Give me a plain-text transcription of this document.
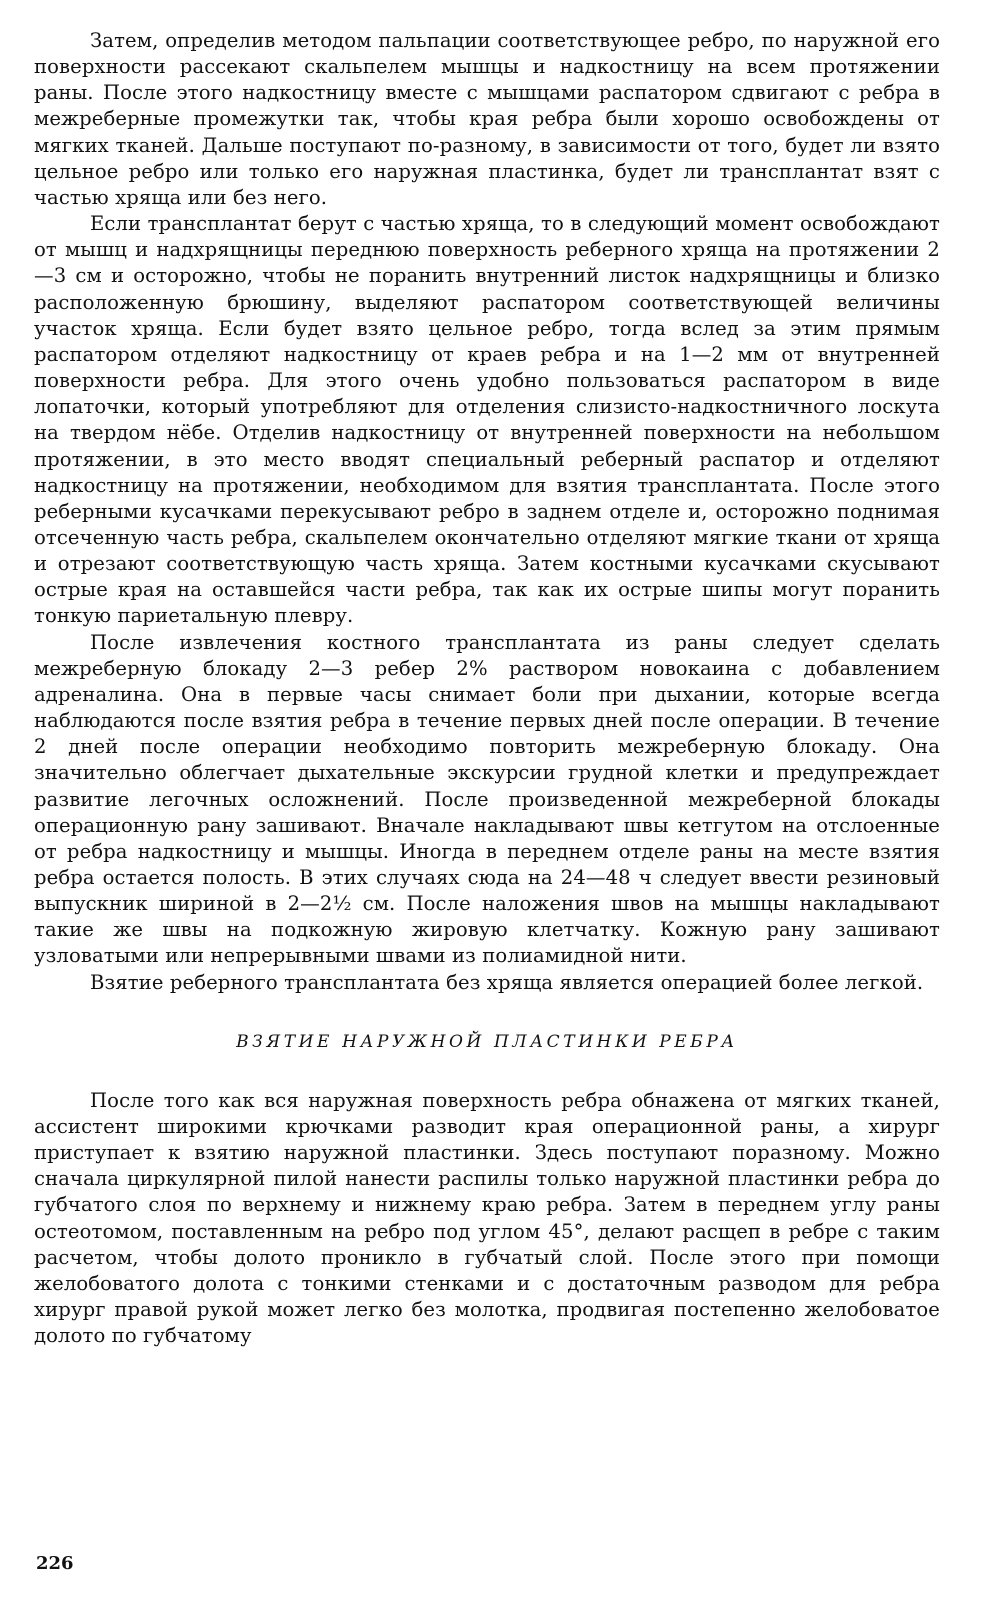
Затем, определив методом пальпации соответствующее ребро, по наружной его поверхности рассекают скальпелем мышцы и надкостницу на всем протяжении раны. После этого надкостницу вместе с мышцами распатором сдвигают с ребра в межреберные промежутки так, чтобы края ребра были хорошо освобождены от мягких тканей. Дальше поступают по-разному, в зависимости от того, будет ли взято цельное ребро или только его наружная пластинка, будет ли трансплантат взят с частью хряща или без него.

Если трансплантат берут с частью хряща, то в следующий момент освобождают от мышц и надхрящницы переднюю поверхность реберного хряща на протяжении 2—3 см и осторожно, чтобы не поранить внутренний листок надхрящницы и близко расположенную брюшину, выделяют распатором соответствующей величины участок хряща. Если будет взято цельное ребро, тогда вслед за этим прямым распатором отделяют надкостницу от краев ребра и на 1—2 мм от внутренней поверхности ребра. Для этого очень удобно пользоваться распатором в виде лопаточки, который употребляют для отделения слизисто-надкостничного лоскута на твердом нёбе. Отделив надкостницу от внутренней поверхности на небольшом протяжении, в это место вводят специальный реберный распатор и отделяют надкостницу на протяжении, необходимом для взятия трансплантата. После этого реберными кусачками перекусывают ребро в заднем отделе и, осторожно поднимая отсеченную часть ребра, скальпелем окончательно отделяют мягкие ткани от хряща и отрезают соответствующую часть хряща. Затем костными кусачками скусывают острые края на оставшейся части ребра, так как их острые шипы могут поранить тонкую париетальную плевру.

После извлечения костного трансплантата из раны следует сделать межреберную блокаду 2—3 ребер 2% раствором новокаина с добавлением адреналина. Она в первые часы снимает боли при дыхании, которые всегда наблюдаются после взятия ребра в течение первых дней после операции. В течение 2 дней после операции необходимо повторить межреберную блокаду. Она значительно облегчает дыхательные экскурсии грудной клетки и предупреждает развитие легочных осложнений. После произведенной межреберной блокады операционную рану зашивают. Вначале накладывают швы кетгутом на отслоенные от ребра надкостницу и мышцы. Иногда в переднем отделе раны на месте взятия ребра остается полость. В этих случаях сюда на 24—48 ч следует ввести резиновый выпускник шириной в 2—2½ см. После наложения швов на мышцы накладывают такие же швы на подкожную жировую клетчатку. Кожную рану зашивают узловатыми или непрерывными швами из полиамидной нити.

Взятие реберного трансплантата без хряща является операцией более легкой.

ВЗЯТИЕ НАРУЖНОЙ ПЛАСТИНКИ РЕБРА

После того как вся наружная поверхность ребра обнажена от мягких тканей, ассистент широкими крючками разводит края операционной раны, а хирург приступает к взятию наружной пластинки. Здесь поступают поразному. Можно сначала циркулярной пилой нанести распилы только наружной пластинки ребра до губчатого слоя по верхнему и нижнему краю ребра. Затем в переднем углу раны остеотомом, поставленным на ребро под углом 45°, делают расщеп в ребре с таким расчетом, чтобы долото проникло в губчатый слой. После этого при помощи желобоватого долота с тонкими стенками и с достаточным разводом для ребра хирург правой рукой может легко без молотка, продвигая постепенно желобоватое долото по губчатому

226
